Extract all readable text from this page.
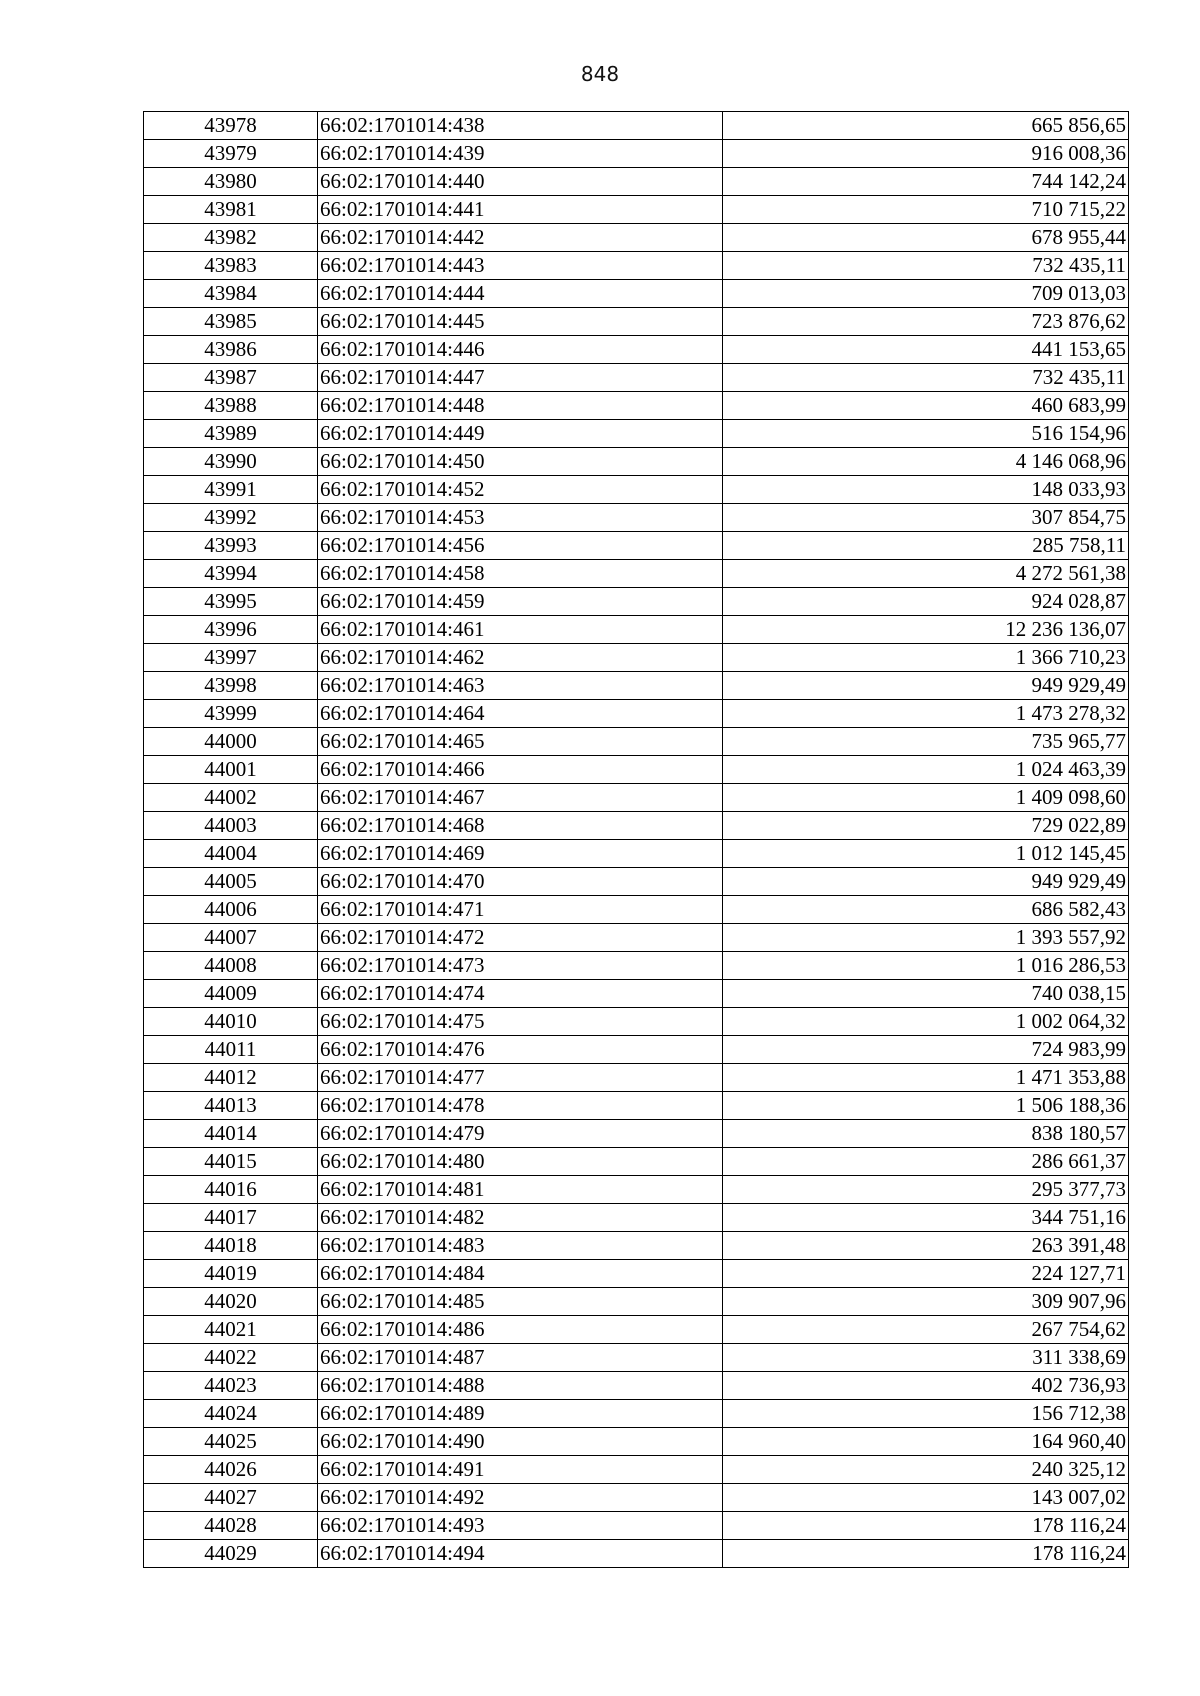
848
43978	66:02:1701014:438	665 856,65
43979	66:02:1701014:439	916 008,36
43980	66:02:1701014:440	744 142,24
43981	66:02:1701014:441	710 715,22
43982	66:02:1701014:442	678 955,44
43983	66:02:1701014:443	732 435,11
43984	66:02:1701014:444	709 013,03
43985	66:02:1701014:445	723 876,62
43986	66:02:1701014:446	441 153,65
43987	66:02:1701014:447	732 435,11
43988	66:02:1701014:448	460 683,99
43989	66:02:1701014:449	516 154,96
43990	66:02:1701014:450	4 146 068,96
43991	66:02:1701014:452	148 033,93
43992	66:02:1701014:453	307 854,75
43993	66:02:1701014:456	285 758,11
43994	66:02:1701014:458	4 272 561,38
43995	66:02:1701014:459	924 028,87
43996	66:02:1701014:461	12 236 136,07
43997	66:02:1701014:462	1 366 710,23
43998	66:02:1701014:463	949 929,49
43999	66:02:1701014:464	1 473 278,32
44000	66:02:1701014:465	735 965,77
44001	66:02:1701014:466	1 024 463,39
44002	66:02:1701014:467	1 409 098,60
44003	66:02:1701014:468	729 022,89
44004	66:02:1701014:469	1 012 145,45
44005	66:02:1701014:470	949 929,49
44006	66:02:1701014:471	686 582,43
44007	66:02:1701014:472	1 393 557,92
44008	66:02:1701014:473	1 016 286,53
44009	66:02:1701014:474	740 038,15
44010	66:02:1701014:475	1 002 064,32
44011	66:02:1701014:476	724 983,99
44012	66:02:1701014:477	1 471 353,88
44013	66:02:1701014:478	1 506 188,36
44014	66:02:1701014:479	838 180,57
44015	66:02:1701014:480	286 661,37
44016	66:02:1701014:481	295 377,73
44017	66:02:1701014:482	344 751,16
44018	66:02:1701014:483	263 391,48
44019	66:02:1701014:484	224 127,71
44020	66:02:1701014:485	309 907,96
44021	66:02:1701014:486	267 754,62
44022	66:02:1701014:487	311 338,69
44023	66:02:1701014:488	402 736,93
44024	66:02:1701014:489	156 712,38
44025	66:02:1701014:490	164 960,40
44026	66:02:1701014:491	240 325,12
44027	66:02:1701014:492	143 007,02
44028	66:02:1701014:493	178 116,24
44029	66:02:1701014:494	178 116,24
